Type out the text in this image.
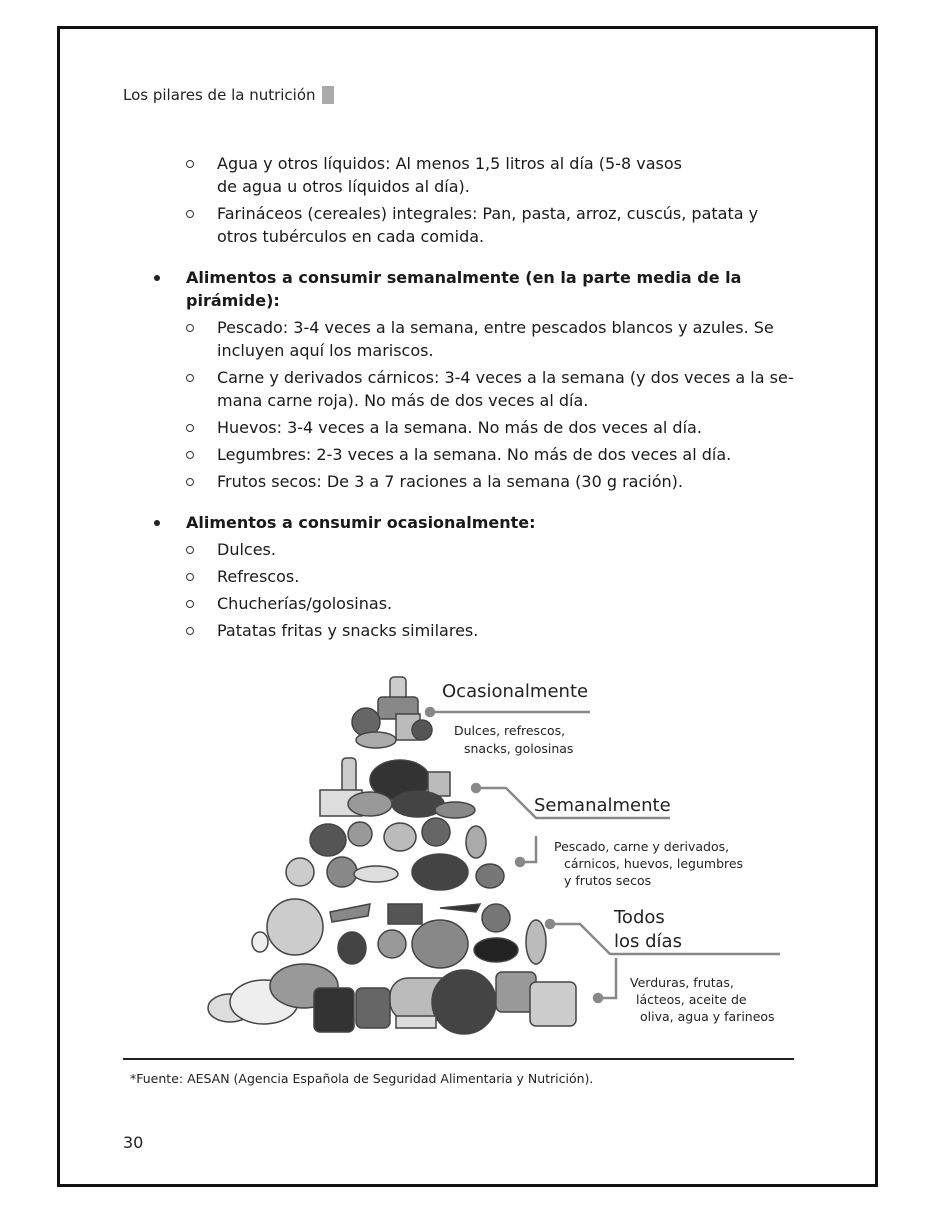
Los pilares de la nutrición
Agua y otros líquidos: Al menos 1,5 litros al día (5-8 vasos
de agua u otros líquidos al día).
Farináceos (cereales) integrales: Pan, pasta, arroz, cuscús, patata y
otros tubérculos en cada comida.
Alimentos a consumir semanalmente (en la parte media de la pirámide):
Pescado: 3-4 veces a la semana, entre pescados blancos y azules. Se
incluyen aquí los mariscos.
Carne y derivados cárnicos: 3-4 veces a la semana (y dos veces a la se-
mana carne roja). No más de dos veces al día.
Huevos: 3-4 veces a la semana. No más de dos veces al día.
Legumbres: 2-3 veces a la semana. No más de dos veces al día.
Frutos secos: De 3 a 7 raciones a la semana (30 g ración).
Alimentos a consumir ocasionalmente:
Dulces.
Refrescos.
Chucherías/golosinas.
Patatas fritas y snacks similares.
Ocasionalmente
Dulces, refrescos,
snacks, golosinas
Semanalmente
Pescado, carne y derivados,
cárnicos, huevos, legumbres
y frutos secos
Todos
los días
Verduras, frutas,
lácteos, aceite de
oliva, agua y farineos
*Fuente: AESAN (Agencia Española de Seguridad Alimentaria y Nutrición).
30
